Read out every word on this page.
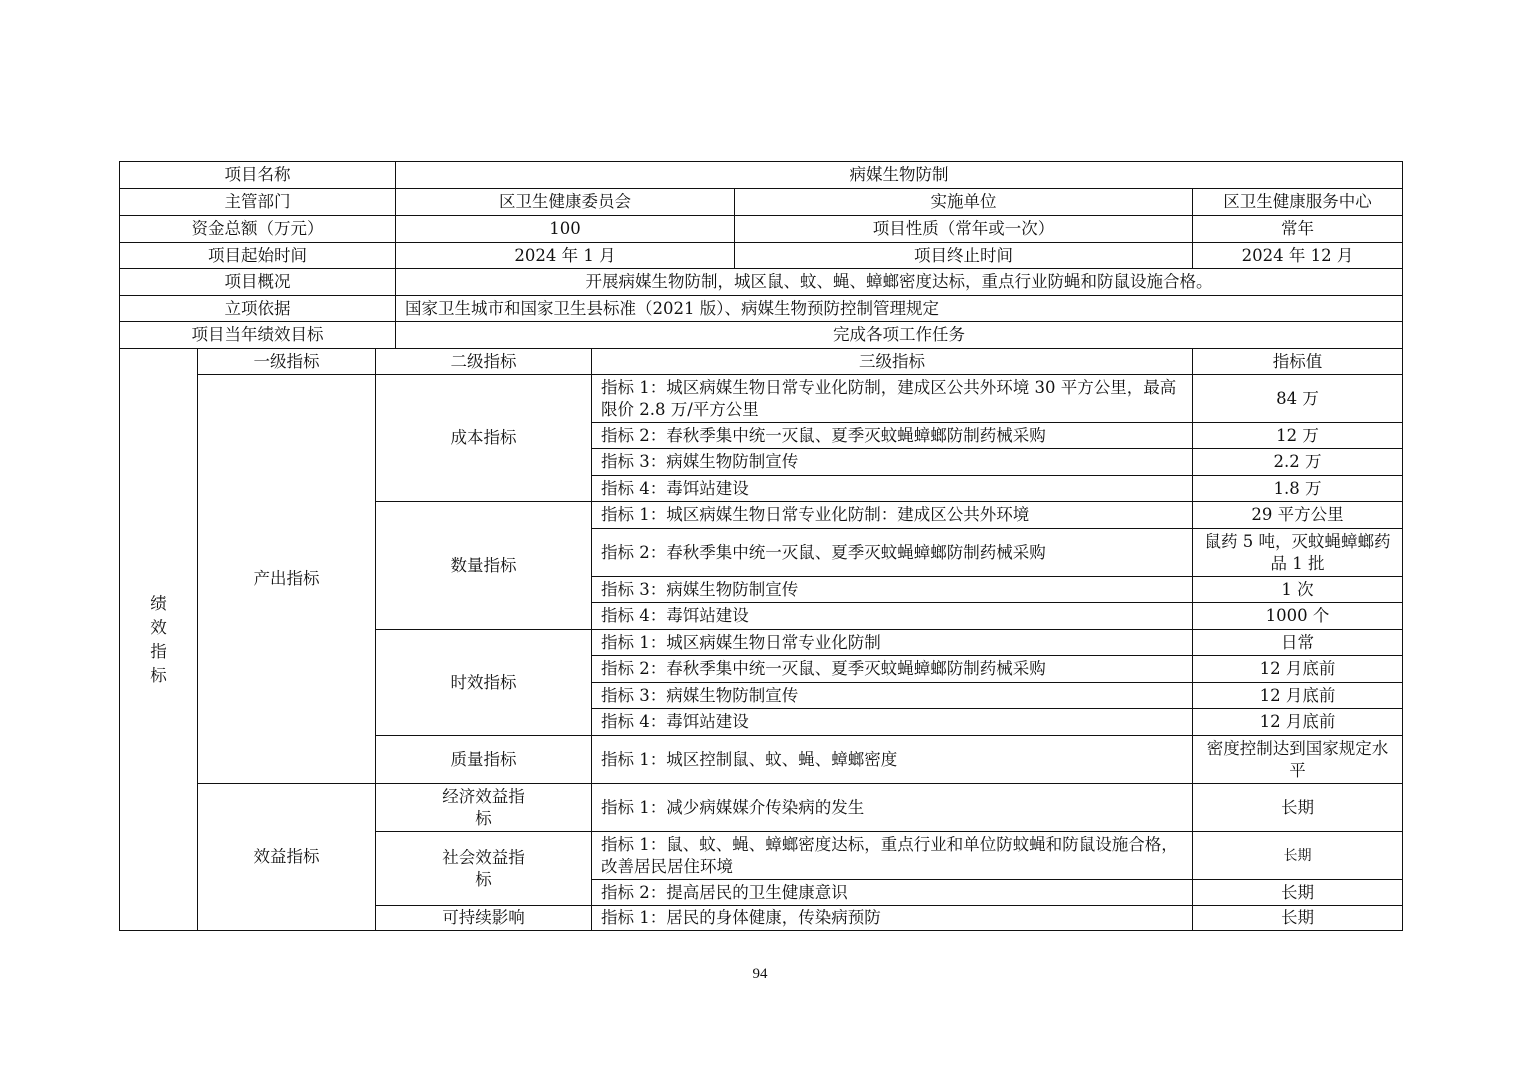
项目名称			病媒生物防制			
主管部门			区卫生健康委员会		实施单位	区卫生健康服务中心
资金总额（万元）			100		项目性质（常年或一次）	常年
项目起始时间			2024 年 1 月		项目终止时间	2024 年 12 月
项目概况			开展病媒生物防制，城区鼠、蚊、蝇、蟑螂密度达标，重点行业防蝇和防鼠设施合格。			
立项依据			国家卫生城市和国家卫生县标准（2021 版）、病媒生物预防控制管理规定			
项目当年绩效目标			完成各项工作任务			
绩效指标	一级指标	二级指标		三级指标		指标值
	产出指标	成本指标		指标 1：城区病媒生物日常专业化防制，建成区公共外环境 30 平方公里，最高限价 2.8 万/平方公里		84 万
				指标 2：春秋季集中统一灭鼠、夏季灭蚊蝇蟑螂防制药械采购		12 万
				指标 3：病媒生物防制宣传		2.2 万
				指标 4：毒饵站建设		1.8 万
		数量指标		指标 1：城区病媒生物日常专业化防制：建成区公共外环境		29 平方公里
				指标 2：春秋季集中统一灭鼠、夏季灭蚊蝇蟑螂防制药械采购		鼠药 5 吨，灭蚊蝇蟑螂药品 1 批
				指标 3：病媒生物防制宣传		1 次
				指标 4：毒饵站建设		1000 个
		时效指标		指标 1：城区病媒生物日常专业化防制		日常
				指标 2：春秋季集中统一灭鼠、夏季灭蚊蝇蟑螂防制药械采购		12 月底前
				指标 3：病媒生物防制宣传		12 月底前
				指标 4：毒饵站建设		12 月底前
		质量指标		指标 1：城区控制鼠、蚊、蝇、蟑螂密度		密度控制达到国家规定水平
	效益指标	经济效益指标		指标 1：减少病媒媒介传染病的发生		长期
		社会效益指标		指标 1：鼠、蚊、蝇、蟑螂密度达标，重点行业和单位防蚊蝇和防鼠设施合格，改善居民居住环境		长期
				指标 2：提高居民的卫生健康意识		长期
		可持续影响		指标 1：居民的身体健康，传染病预防		长期
94
